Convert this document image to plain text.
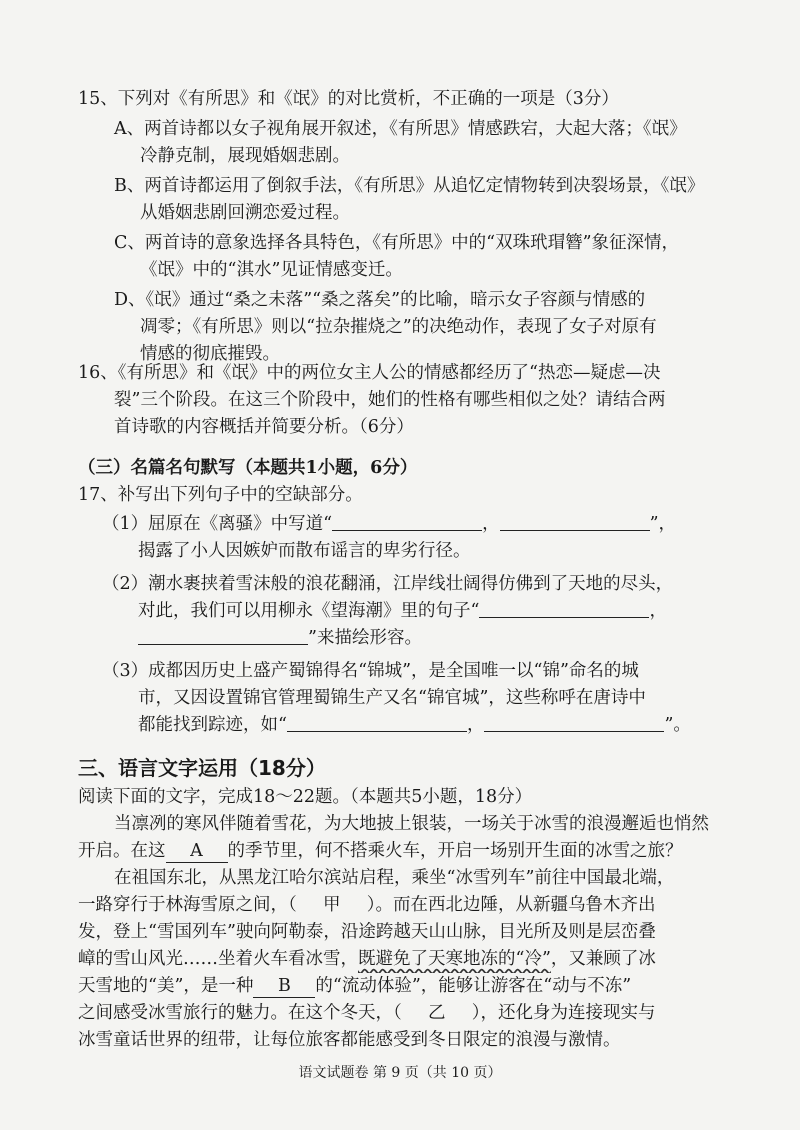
15、下列对《有所思》和《氓》的对比赏析，不正确的一项是（3分）
A、两首诗都以女子视角展开叙述，《有所思》情感跌宕，大起大落；《氓》
冷静克制，展现婚姻悲剧。
B、两首诗都运用了倒叙手法，《有所思》从追忆定情物转到决裂场景，《氓》
从婚姻悲剧回溯恋爱过程。
C、两首诗的意象选择各具特色，《有所思》中的“双珠玳瑁簪”象征深情，
《氓》中的“淇水”见证情感变迁。
D、《氓》通过“桑之未落”“桑之落矣”的比喻，暗示女子容颜与情感的
凋零；《有所思》则以“拉杂摧烧之”的决绝动作，表现了女子对原有
情感的彻底摧毁。
16、《有所思》和《氓》中的两位女主人公的情感都经历了“热恋—疑虑—决
裂”三个阶段。在这三个阶段中，她们的性格有哪些相似之处？请结合两
首诗歌的内容概括并简要分析。（6分）
（三）名篇名句默写（本题共1小题，6分）
17、补写出下列句子中的空缺部分。
（1）屈原在《离骚》中写道“	，	”，
揭露了小人因嫉妒而散布谣言的卑劣行径。
（2）潮水裹挟着雪沫般的浪花翻涌，江岸线壮阔得仿佛到了天地的尽头，
对此，我们可以用柳永《望海潮》里的句子“	，
”来描绘形容。
（3）成都因历史上盛产蜀锦得名“锦城”，是全国唯一以“锦”命名的城
市，又因设置锦官管理蜀锦生产又名“锦官城”，这些称呼在唐诗中
都能找到踪迹，如“	，	”。
三、语言文字运用（18分）
阅读下面的文字，完成18～22题。（本题共5小题，18分）
当凛冽的寒风伴随着雪花，为大地披上银装，一场关于冰雪的浪漫邂逅也悄然
开启。在这 A 的季节里，何不搭乘火车，开启一场别开生面的冰雪之旅？
在祖国东北，从黑龙江哈尔滨站启程，乘坐“冰雪列车”前往中国最北端，
一路穿行于林海雪原之间，（ 甲 ）。而在西北边陲，从新疆乌鲁木齐出
发，登上“雪国列车”驶向阿勒泰，沿途跨越天山山脉，目光所及则是层峦叠
嶂的雪山风光……坐着火车看冰雪，既避免了天寒地冻的“冷”，又兼顾了冰
天雪地的“美”，是一种 B 的“流动体验”，能够让游客在“动与不冻”
之间感受冰雪旅行的魅力。在这个冬天，（ 乙 ），还化身为连接现实与
冰雪童话世界的纽带，让每位旅客都能感受到冬日限定的浪漫与激情。
语文试题卷 第 9 页（共 10 页）
